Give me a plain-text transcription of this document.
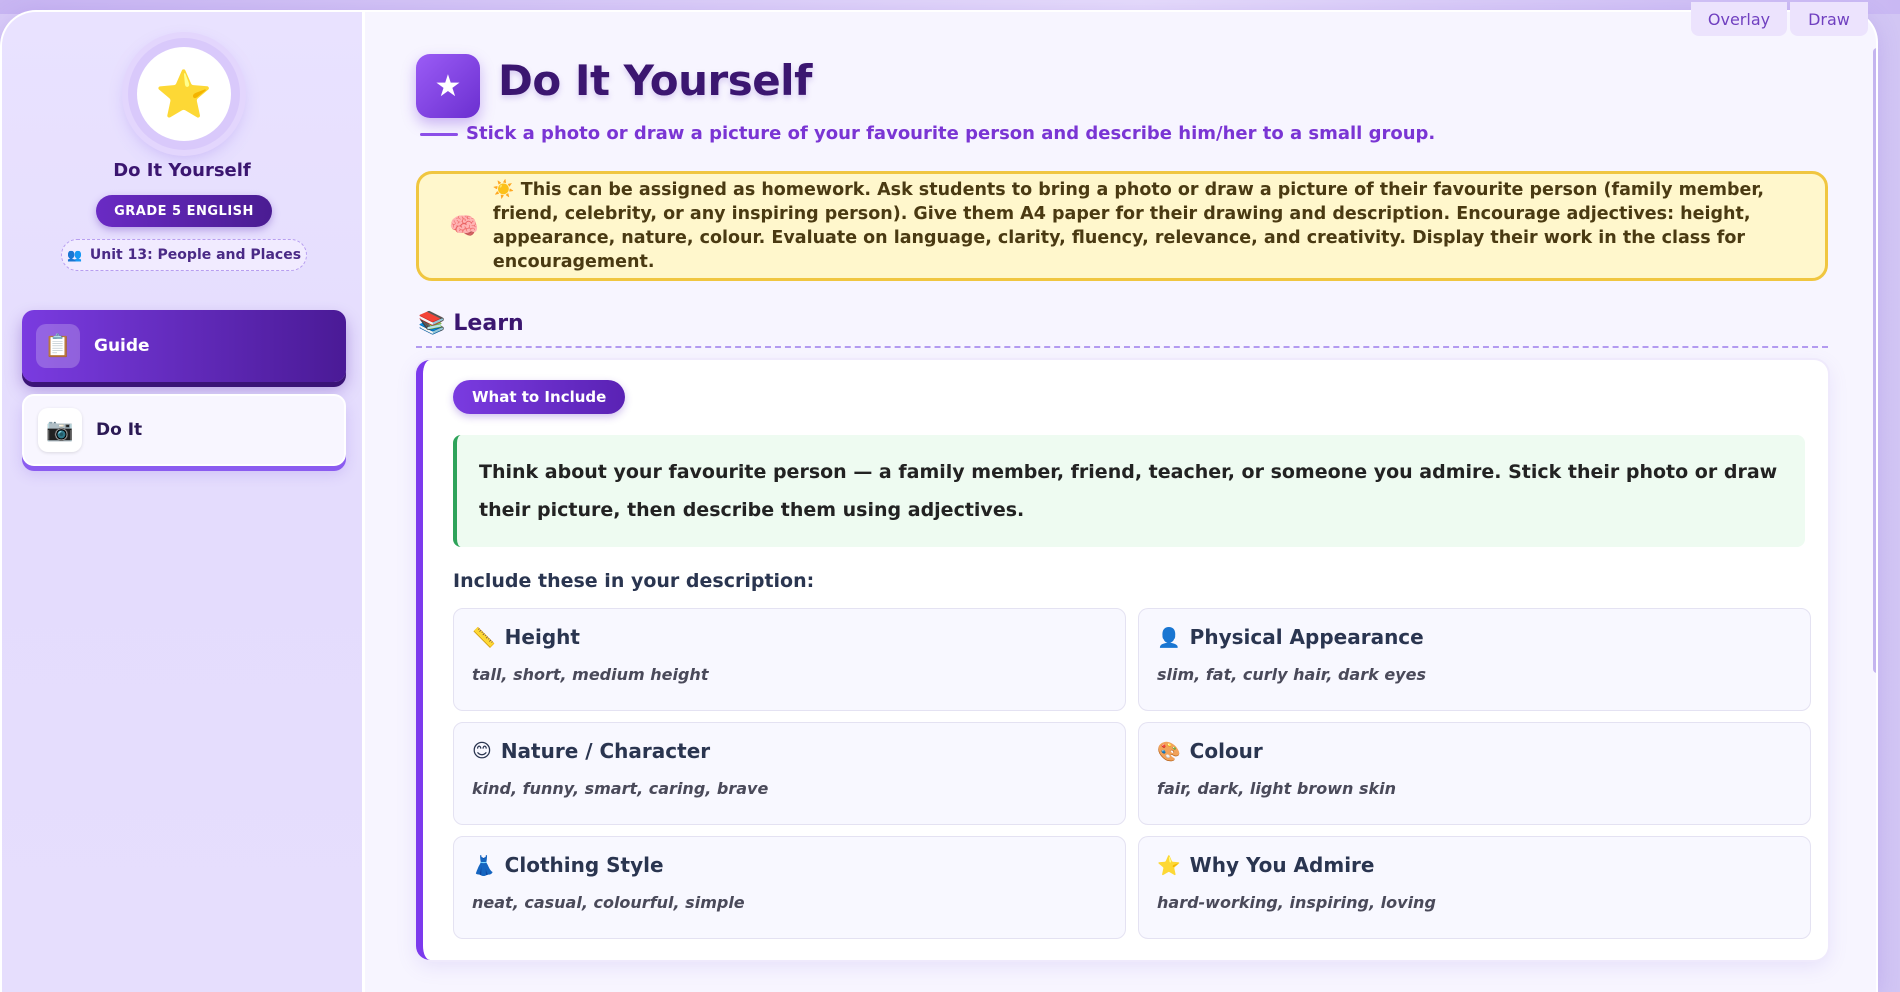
⭐
Do It Yourself
GRADE 5 ENGLISH
👥 Unit 13: People and Places
📋	Guide
📷	Do It
★ Do It Yourself
Stick a photo or draw a picture of your favourite person and describe him/her to a small group.
🧠
☀️ This can be assigned as homework. Ask students to bring a photo or draw a picture of their favourite person (family member, friend, celebrity, or any inspiring person). Give them A4 paper for their drawing and description. Encourage adjectives: height, appearance, nature, colour. Evaluate on language, clarity, fluency, relevance, and creativity. Display their work in the class for encouragement.
📚 Learn
What to Include
Think about your favourite person — a family member, friend, teacher, or someone you admire. Stick their photo or draw their picture, then describe them using adjectives.
Include these in your description:
📏 Height
tall, short, medium height
👤 Physical Appearance
slim, fat, curly hair, dark eyes
😊 Nature / Character
kind, funny, smart, caring, brave
🎨 Colour
fair, dark, light brown skin
👗 Clothing Style
neat, casual, colourful, simple
⭐ Why You Admire
hard-working, inspiring, loving
Overlay	Draw
